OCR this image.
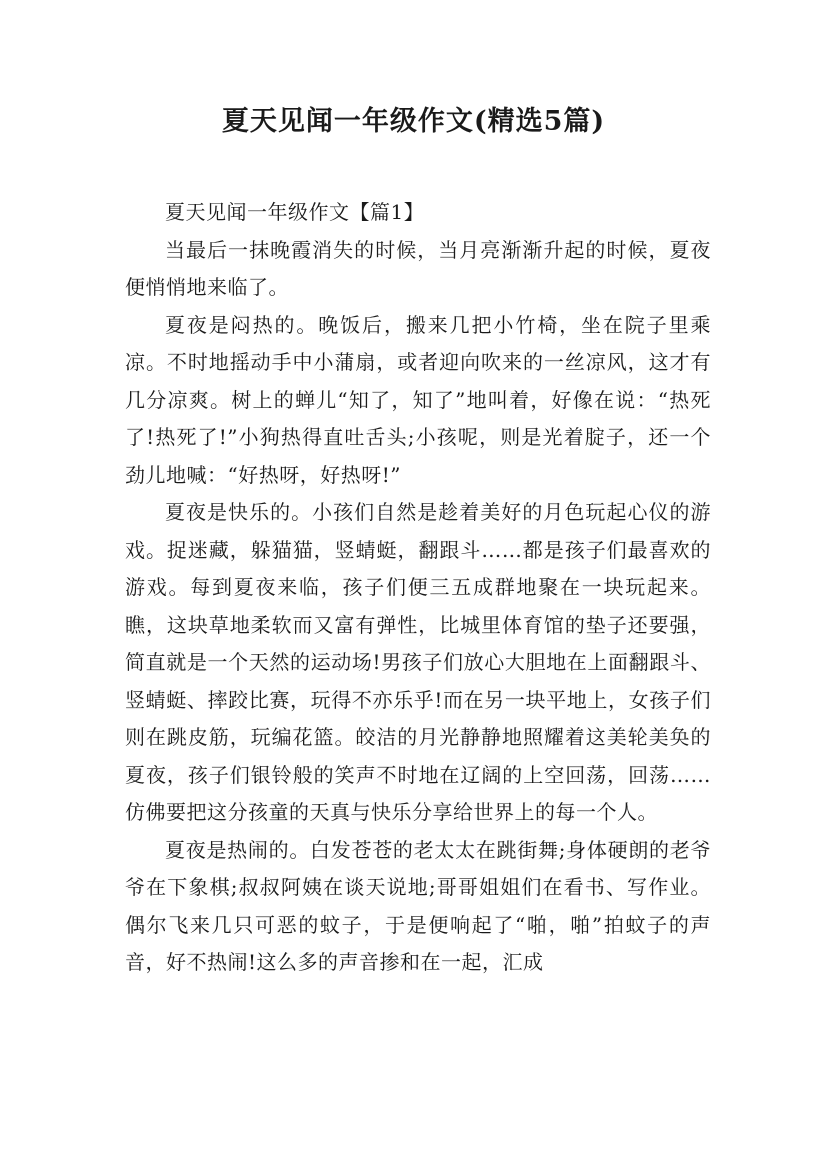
夏天见闻一年级作文(精选5篇)
夏天见闻一年级作文【篇1】

当最后一抹晚霞消失的时候，当月亮渐渐升起的时候，夏夜便悄悄地来临了。

夏夜是闷热的。晚饭后，搬来几把小竹椅，坐在院子里乘凉。不时地摇动手中小蒲扇，或者迎向吹来的一丝凉风，这才有几分凉爽。树上的蝉儿“知了，知了”地叫着，好像在说：“热死了!热死了!”小狗热得直吐舌头;小孩呢，则是光着腚子，还一个劲儿地喊：“好热呀，好热呀!”

夏夜是快乐的。小孩们自然是趁着美好的月色玩起心仪的游戏。捉迷藏，躲猫猫，竖蜻蜓，翻跟斗……都是孩子们最喜欢的游戏。每到夏夜来临，孩子们便三五成群地聚在一块玩起来。瞧，这块草地柔软而又富有弹性，比城里体育馆的垫子还要强，简直就是一个天然的运动场!男孩子们放心大胆地在上面翻跟斗、竖蜻蜓、摔跤比赛，玩得不亦乐乎!而在另一块平地上，女孩子们则在跳皮筋，玩编花篮。皎洁的月光静静地照耀着这美轮美奂的夏夜，孩子们银铃般的笑声不时地在辽阔的上空回荡，回荡……仿佛要把这分孩童的天真与快乐分享给世界上的每一个人。

夏夜是热闹的。白发苍苍的老太太在跳街舞;身体硬朗的老爷爷在下象棋;叔叔阿姨在谈天说地;哥哥姐姐们在看书、写作业。偶尔飞来几只可恶的蚊子，于是便响起了“啪，啪”拍蚊子的声音，好不热闹!这么多的声音掺和在一起，汇成
